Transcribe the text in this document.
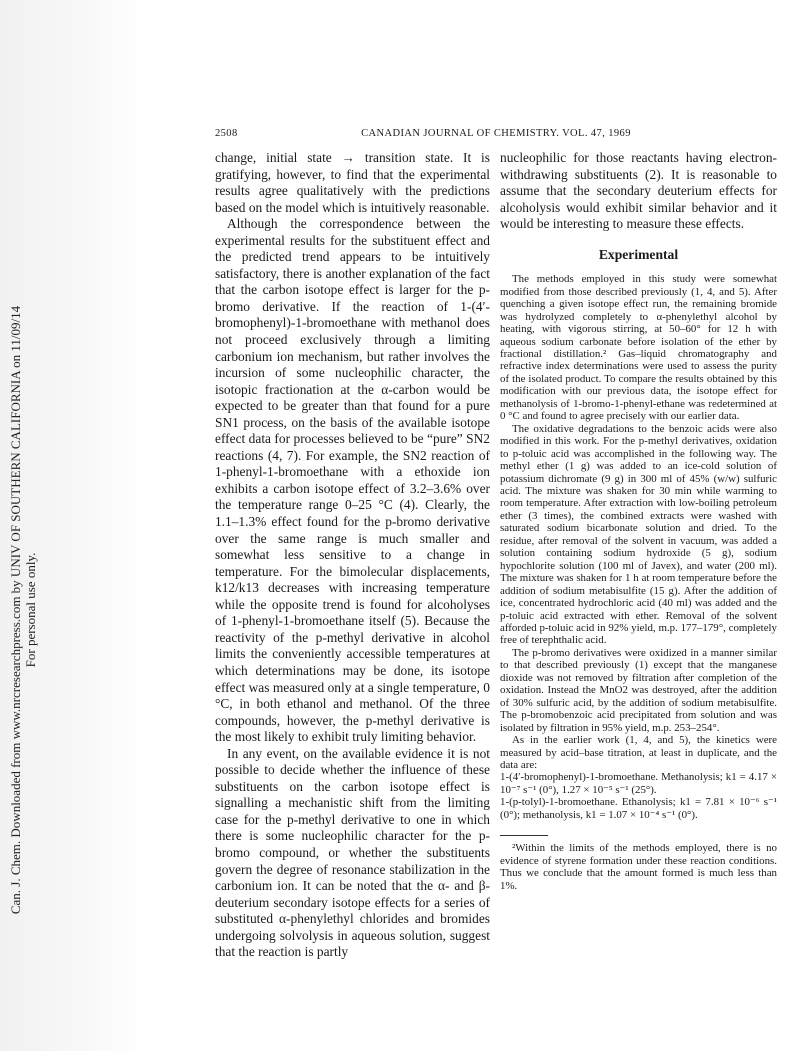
Can. J. Chem. Downloaded from www.nrcresearchpress.com by UNIV OF SOUTHERN CALIFORNIA on 11/09/14 For personal use only.
2508	CANADIAN JOURNAL OF CHEMISTRY. VOL. 47, 1969

change, initial state → transition state. It is gratifying, however, to find that the experimental results agree qualitatively with the predictions based on the model which is intuitively reasonable.

Although the correspondence between the experimental results for the substituent effect and the predicted trend appears to be intuitively satisfactory, there is another explanation of the fact that the carbon isotope effect is larger for the p-bromo derivative. If the reaction of 1-(4′-bromophenyl)-1-bromoethane with methanol does not proceed exclusively through a limiting carbonium ion mechanism, but rather involves the incursion of some nucleophilic character, the isotopic fractionation at the α-carbon would be expected to be greater than that found for a pure SN1 process, on the basis of the available isotope effect data for processes believed to be “pure” SN2 reactions (4, 7). For example, the SN2 reaction of 1-phenyl-1-bromoethane with a ethoxide ion exhibits a carbon isotope effect of 3.2–3.6% over the temperature range 0–25 °C (4). Clearly, the 1.1–1.3% effect found for the p-bromo derivative over the same range is much smaller and somewhat less sensitive to a change in temperature. For the bimolecular displacements, k12/k13 decreases with increasing temperature while the opposite trend is found for alcoholyses of 1-phenyl-1-bromoethane itself (5). Because the reactivity of the p-methyl derivative in alcohol limits the conveniently accessible temperatures at which determinations may be done, its isotope effect was measured only at a single temperature, 0 °C, in both ethanol and methanol. Of the three compounds, however, the p-methyl derivative is the most likely to exhibit truly limiting behavior.

In any event, on the available evidence it is not possible to decide whether the influence of these substituents on the carbon isotope effect is signalling a mechanistic shift from the limiting case for the p-methyl derivative to one in which there is some nucleophilic character for the p-bromo compound, or whether the substituents govern the degree of resonance stabilization in the carbonium ion. It can be noted that the α- and β-deuterium secondary isotope effects for a series of substituted α-phenylethyl chlorides and bromides undergoing solvolysis in aqueous solution, suggest that the reaction is partly

nucleophilic for those reactants having electron-withdrawing substituents (2). It is reasonable to assume that the secondary deuterium effects for alcoholysis would exhibit similar behavior and it would be interesting to measure these effects.

Experimental

The methods employed in this study were somewhat modified from those described previously (1, 4, and 5). After quenching a given isotope effect run, the remaining bromide was hydrolyzed completely to α-phenylethyl alcohol by heating, with vigorous stirring, at 50–60° for 12 h with aqueous sodium carbonate before isolation of the ether by fractional distillation.² Gas–liquid chromatography and refractive index determinations were used to assess the purity of the isolated product. To compare the results obtained by this modification with our previous data, the isotope effect for methanolysis of 1-bromo-1-phenyl-ethane was redetermined at 0 °C and found to agree precisely with our earlier data.

The oxidative degradations to the benzoic acids were also modified in this work. For the p-methyl derivatives, oxidation to p-toluic acid was accomplished in the following way. The methyl ether (1 g) was added to an ice-cold solution of potassium dichromate (9 g) in 300 ml of 45% (w/w) sulfuric acid. The mixture was shaken for 30 min while warming to room temperature. After extraction with low-boiling petroleum ether (3 times), the combined extracts were washed with saturated sodium bicarbonate solution and dried. To the residue, after removal of the solvent in vacuum, was added a solution containing sodium hydroxide (5 g), sodium hypochlorite solution (100 ml of Javex), and water (200 ml). The mixture was shaken for 1 h at room temperature before the addition of sodium metabisulfite (15 g). After the addition of ice, concentrated hydrochloric acid (40 ml) was added and the p-toluic acid extracted with ether. Removal of the solvent afforded p-toluic acid in 92% yield, m.p. 177–179°, completely free of terephthalic acid.

The p-bromo derivatives were oxidized in a manner similar to that described previously (1) except that the manganese dioxide was not removed by filtration after completion of the oxidation. Instead the MnO2 was destroyed, after the addition of 30% sulfuric acid, by the addition of sodium metabisulfite. The p-bromobenzoic acid precipitated from solution and was isolated by filtration in 95% yield, m.p. 253–254°.

As in the earlier work (1, 4, and 5), the kinetics were measured by acid–base titration, at least in duplicate, and the data are:

1-(4′-bromophenyl)-1-bromoethane. Methanolysis; k1 = 4.17 × 10⁻⁷ s⁻¹ (0°), 1.27 × 10⁻⁵ s⁻¹ (25°).

1-(p-tolyl)-1-bromoethane. Ethanolysis; k1 = 7.81 × 10⁻⁶ s⁻¹ (0°); methanolysis, k1 = 1.07 × 10⁻⁴ s⁻¹ (0°).

²Within the limits of the methods employed, there is no evidence of styrene formation under these reaction conditions. Thus we conclude that the amount formed is much less than 1%.
